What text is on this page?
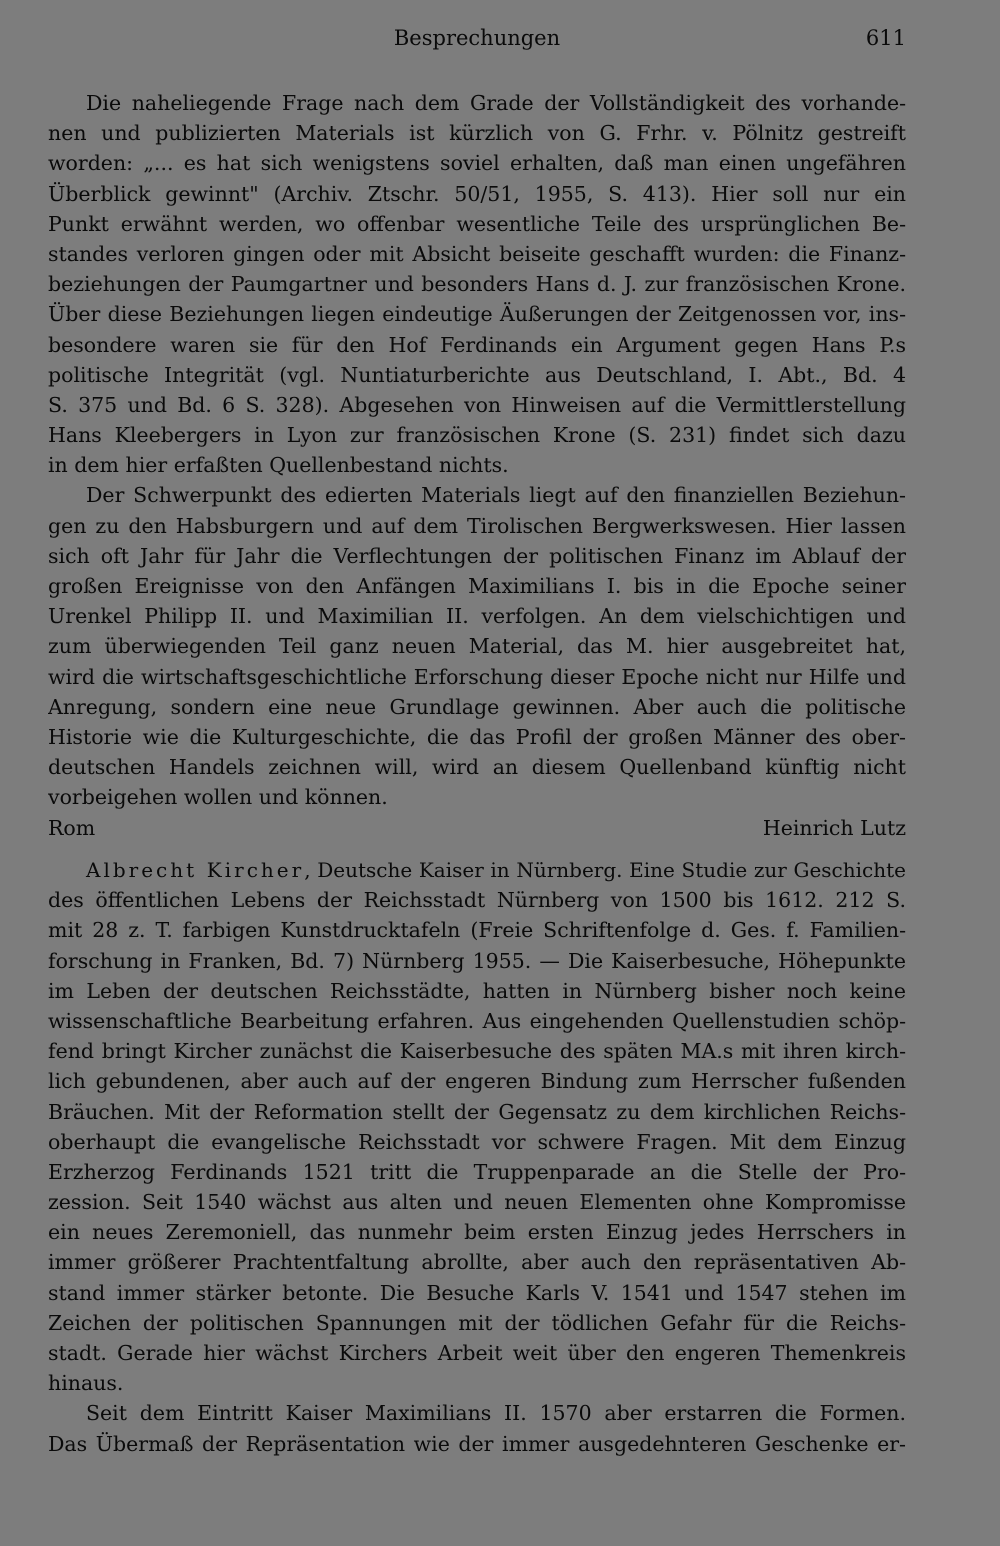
Besprechungen	611
Die naheliegende Frage nach dem Grade der Vollständigkeit des vorhande-
nen und publizierten Materials ist kürzlich von G. Frhr. v. Pölnitz gestreift
worden: „... es hat sich wenigstens soviel erhalten, daß man einen ungefähren
Überblick gewinnt" (Archiv. Ztschr. 50/51, 1955, S. 413). Hier soll nur ein
Punkt erwähnt werden, wo offenbar wesentliche Teile des ursprünglichen Be-
standes verloren gingen oder mit Absicht beiseite geschafft wurden: die Finanz-
beziehungen der Paumgartner und besonders Hans d. J. zur französischen Krone.
Über diese Beziehungen liegen eindeutige Äußerungen der Zeitgenossen vor, ins-
besondere waren sie für den Hof Ferdinands ein Argument gegen Hans P.s
politische Integrität (vgl. Nuntiaturberichte aus Deutschland, I. Abt., Bd. 4
S. 375 und Bd. 6 S. 328). Abgesehen von Hinweisen auf die Vermittlerstellung
Hans Kleebergers in Lyon zur französischen Krone (S. 231) findet sich dazu
in dem hier erfaßten Quellenbestand nichts.
Der Schwerpunkt des edierten Materials liegt auf den finanziellen Beziehun-
gen zu den Habsburgern und auf dem Tirolischen Bergwerkswesen. Hier lassen
sich oft Jahr für Jahr die Verflechtungen der politischen Finanz im Ablauf der
großen Ereignisse von den Anfängen Maximilians I. bis in die Epoche seiner
Urenkel Philipp II. und Maximilian II. verfolgen. An dem vielschichtigen und
zum überwiegenden Teil ganz neuen Material, das M. hier ausgebreitet hat,
wird die wirtschaftsgeschichtliche Erforschung dieser Epoche nicht nur Hilfe und
Anregung, sondern eine neue Grundlage gewinnen. Aber auch die politische
Historie wie die Kulturgeschichte, die das Profil der großen Männer des ober-
deutschen Handels zeichnen will, wird an diesem Quellenband künftig nicht
vorbeigehen wollen und können.
Rom	Heinrich Lutz
Albrecht Kircher, Deutsche Kaiser in Nürnberg. Eine Studie zur Geschichte
des öffentlichen Lebens der Reichsstadt Nürnberg von 1500 bis 1612. 212 S.
mit 28 z. T. farbigen Kunstdrucktafeln (Freie Schriftenfolge d. Ges. f. Familien-
forschung in Franken, Bd. 7) Nürnberg 1955. — Die Kaiserbesuche, Höhepunkte
im Leben der deutschen Reichsstädte, hatten in Nürnberg bisher noch keine
wissenschaftliche Bearbeitung erfahren. Aus eingehenden Quellenstudien schöp-
fend bringt Kircher zunächst die Kaiserbesuche des späten MA.s mit ihren kirch-
lich gebundenen, aber auch auf der engeren Bindung zum Herrscher fußenden
Bräuchen. Mit der Reformation stellt der Gegensatz zu dem kirchlichen Reichs-
oberhaupt die evangelische Reichsstadt vor schwere Fragen. Mit dem Einzug
Erzherzog Ferdinands 1521 tritt die Truppenparade an die Stelle der Pro-
zession. Seit 1540 wächst aus alten und neuen Elementen ohne Kompromisse
ein neues Zeremoniell, das nunmehr beim ersten Einzug jedes Herrschers in
immer größerer Prachtentfaltung abrollte, aber auch den repräsentativen Ab-
stand immer stärker betonte. Die Besuche Karls V. 1541 und 1547 stehen im
Zeichen der politischen Spannungen mit der tödlichen Gefahr für die Reichs-
stadt. Gerade hier wächst Kirchers Arbeit weit über den engeren Themenkreis
hinaus.
Seit dem Eintritt Kaiser Maximilians II. 1570 aber erstarren die Formen.
Das Übermaß der Repräsentation wie der immer ausgedehnteren Geschenke er-
